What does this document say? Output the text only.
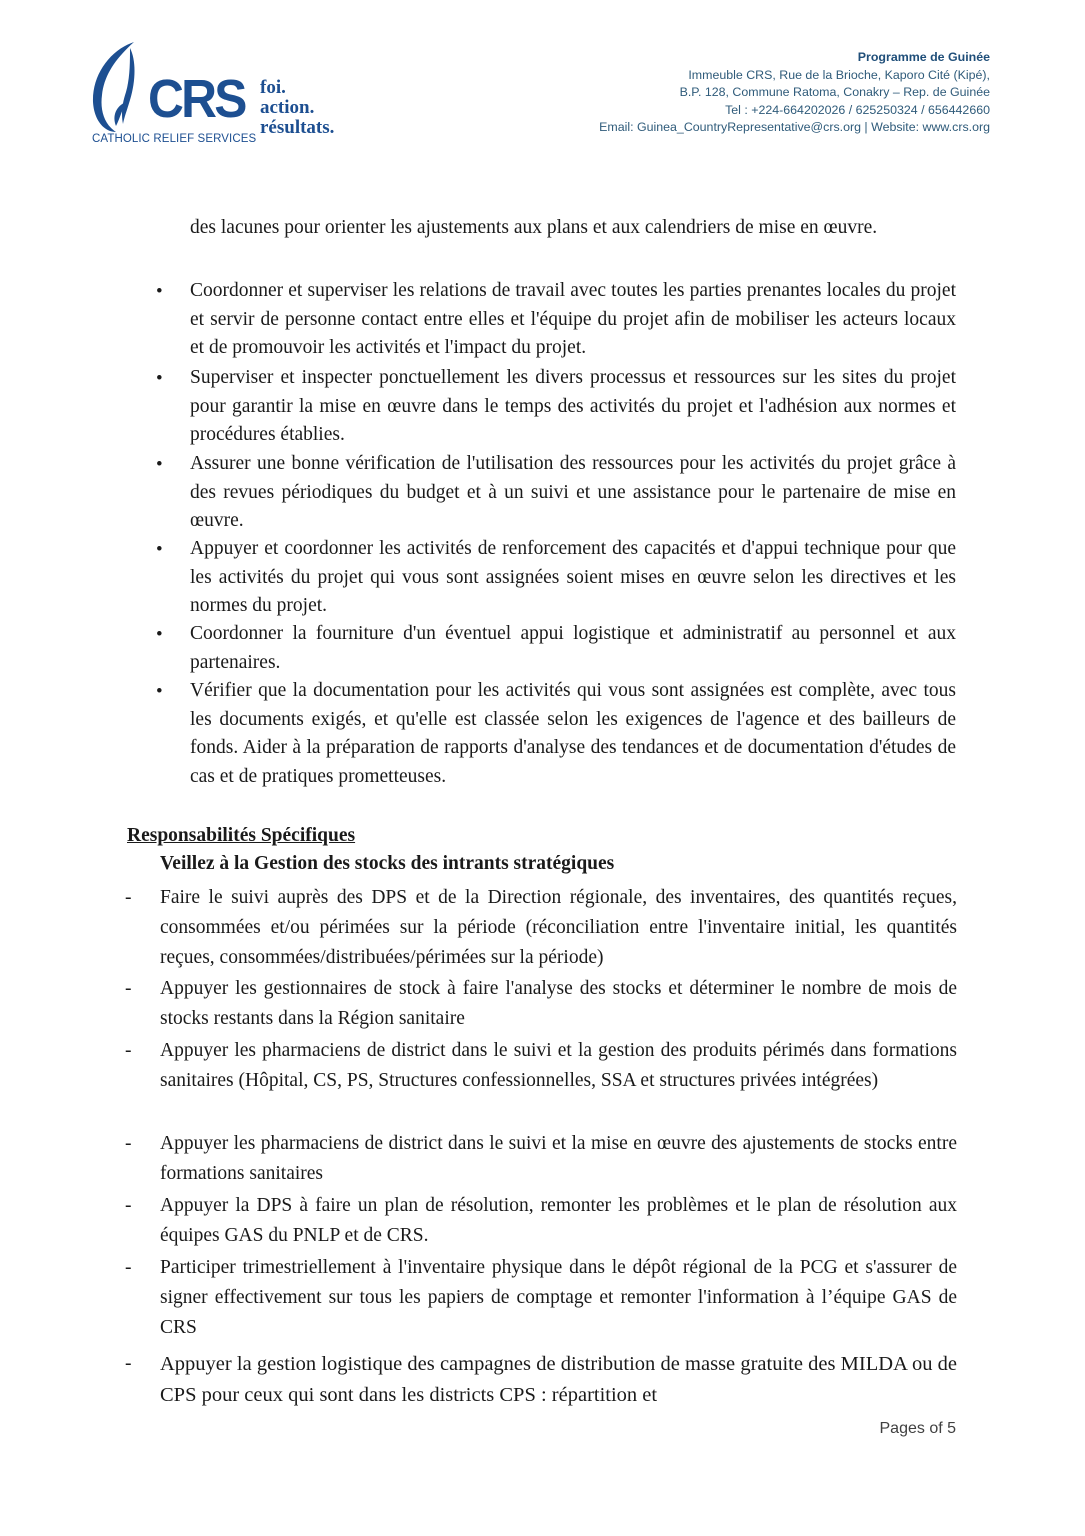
CRS
CATHOLIC RELIEF SERVICES
foi.
action.
résultats.
Programme de Guinée
Immeuble CRS, Rue de la Brioche, Kaporo Cité (Kipé),
B.P. 128, Commune Ratoma, Conakry – Rep. de Guinée
Tel : +224-664202026 / 625250324 / 656442660
Email: Guinea_CountryRepresentative@crs.org | Website: www.crs.org
des lacunes pour orienter les ajustements aux plans et aux calendriers de mise en œuvre.
• Coordonner et superviser les relations de travail avec toutes les parties prenantes locales du projet et servir de personne contact entre elles et l'équipe du projet afin de mobiliser les acteurs locaux et de promouvoir les activités et l'impact du projet.
• Superviser et inspecter ponctuellement les divers processus et ressources sur les sites du projet pour garantir la mise en œuvre dans le temps des activités du projet et l'adhésion aux normes et procédures établies.
• Assurer une bonne vérification de l'utilisation des ressources pour les activités du projet grâce à des revues périodiques du budget et à un suivi et une assistance pour le partenaire de mise en œuvre.
• Appuyer et coordonner les activités de renforcement des capacités et d'appui technique pour que les activités du projet qui vous sont assignées soient mises en œuvre selon les directives et les normes du projet.
• Coordonner la fourniture d'un éventuel appui logistique et administratif au personnel et aux partenaires.
• Vérifier que la documentation pour les activités qui vous sont assignées est complète, avec tous les documents exigés, et qu'elle est classée selon les exigences de l'agence et des bailleurs de fonds. Aider à la préparation de rapports d'analyse des tendances et de documentation d'études de cas et de pratiques prometteuses.
Responsabilités Spécifiques
Veillez à la Gestion des stocks des intrants stratégiques
- Faire le suivi auprès des DPS et de la Direction régionale, des inventaires, des quantités reçues, consommées et/ou périmées sur la période (réconciliation entre l'inventaire initial, les quantités reçues, consommées/distribuées/périmées sur la période)
- Appuyer les gestionnaires de stock à faire l'analyse des stocks et déterminer le nombre de mois de stocks restants dans la Région sanitaire
- Appuyer les pharmaciens de district dans le suivi et la gestion des produits périmés dans formations sanitaires (Hôpital, CS, PS, Structures confessionnelles, SSA et structures privées intégrées)
- Appuyer les pharmaciens de district dans le suivi et la mise en œuvre des ajustements de stocks entre formations sanitaires
- Appuyer la DPS à faire un plan de résolution, remonter les problèmes et le plan de résolution aux équipes GAS du PNLP et de CRS.
- Participer trimestriellement à l'inventaire physique dans le dépôt régional de la PCG et s'assurer de signer effectivement sur tous les papiers de comptage et remonter l'information à l’équipe GAS de CRS
- Appuyer la gestion logistique des campagnes de distribution de masse gratuite des MILDA ou de CPS pour ceux qui sont dans les districts CPS : répartition et
Pages of 5
